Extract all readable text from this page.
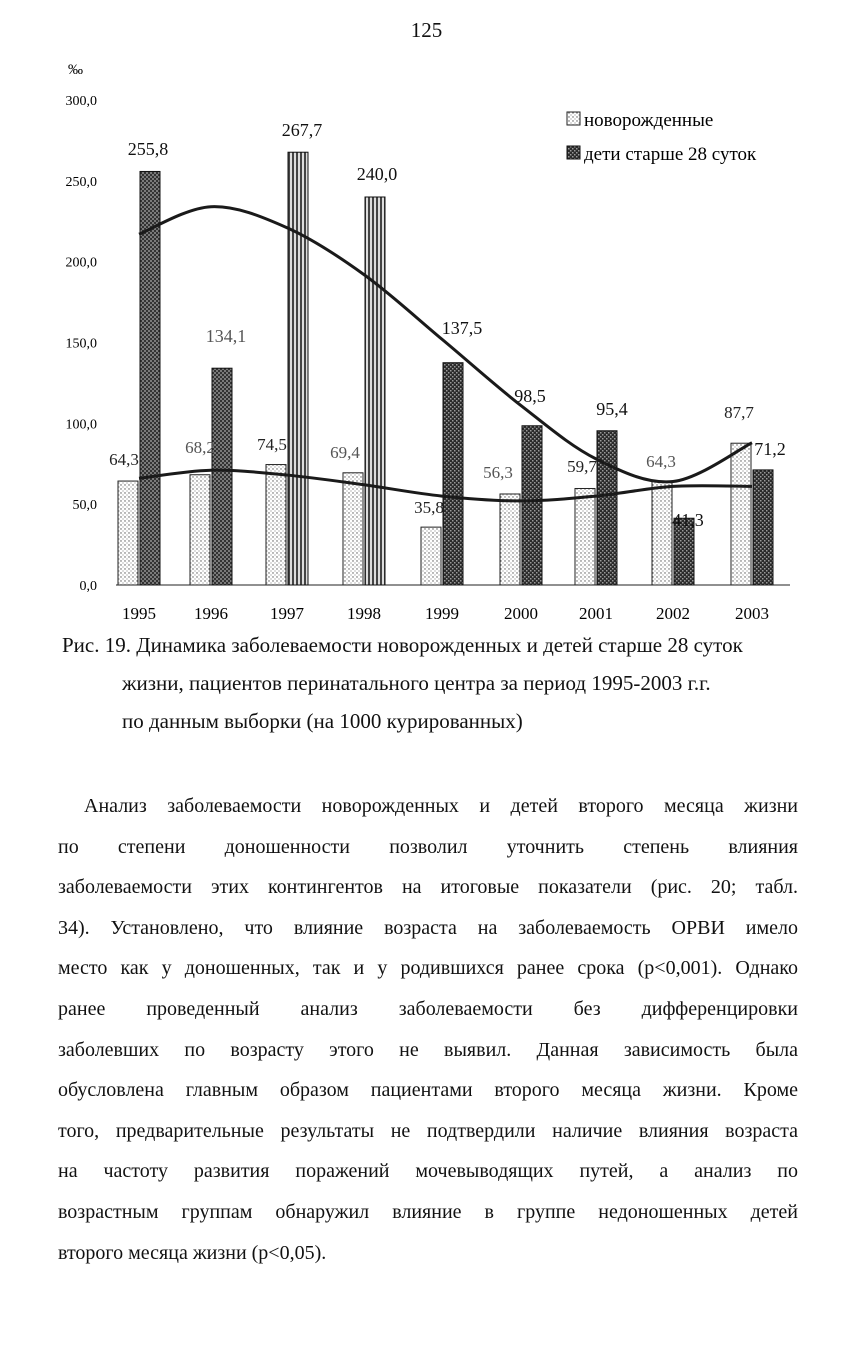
125
0,0
50,0
100,0
150,0
200,0
250,0
300,0
‰
64,3
255,8
68,2
134,1
74,5
267,7
69,4
240,0
35,8
137,5
56,3
98,5
59,7
95,4
64,3
41,3
87,7
71,2
1995 1996 1997	1998	1999	2000 2001	2002	2003
новорожденные
дети старше 28 суток
Рис. 19. Динамика заболеваемости новорожденных и детей старше 28 суток
жизни, пациентов перинатального центра за период 1995-2003 г.г.
по данным выборки (на 1000 курированных)
Анализ заболеваемости новорожденных и детей второго месяца жизни
по степени доношенности позволил уточнить степень влияния
заболеваемости этих контингентов на итоговые показатели (рис. 20; табл.
34). Установлено, что влияние возраста на заболеваемость ОРВИ имело
место как у доношенных, так и у родившихся ранее срока (p<0,001). Однако
ранее проведенный анализ заболеваемости без дифференцировки
заболевших по возрасту этого не выявил. Данная зависимость была
обусловлена главным образом пациентами второго месяца жизни. Кроме
того, предварительные результаты не подтвердили наличие влияния возраста
на частоту развития поражений мочевыводящих путей, а анализ по
возрастным группам обнаружил влияние в группе недоношенных детей
второго месяца жизни (p<0,05).
